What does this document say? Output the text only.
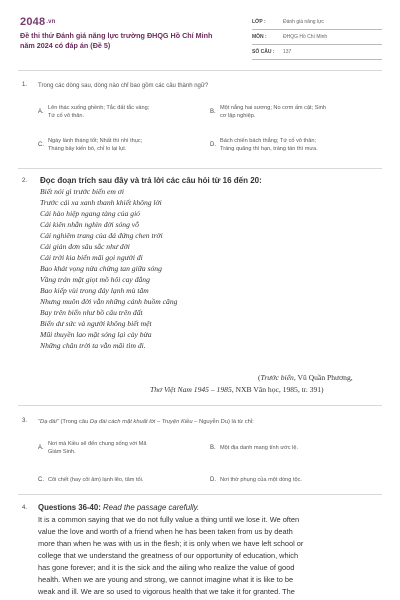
2048.vn
Đề thi thử Đánh giá năng lực trường ĐHQG Hồ Chí Minh
năm 2024 có đáp án (Đề 5)
LỚP :	Đánh giá năng lực
MÔN :	ĐHQG Hồ Chí Minh
SỐ CÂU :	137
1. Trong các dòng sau, dòng nào chỉ bao gồm các câu thành ngữ?
A.
Lên thác xuống ghềnh; Tắc đất tắc vàng;
Tứ cố vô thân.
B.
Một nắng hai sương; No cơm ấm cật; Sinh
cơ lập nghiệp.
C.
Ngày lành tháng tốt; Nhất thì nhì thục;
Tháng bảy kiến bò, chỉ lo lại lụt.
D.
Bách chiến bách thắng; Tứ cố vô thân;
Tráng quãng thì hạn, tráng tán thì mưa.
2. Đọc đoạn trích sau đây và trả lời các câu hỏi từ 16 đến 20:
Biết nói gì trước biển em ơi
Trước cái xa xanh thanh khiết không lời
Cái hào hiệp ngang tàng của gió
Cái kiên nhẫn nghìn đời sóng vỗ
Cái nghiêm trang của đá đứng chen trời
Cái giản đơn sâu sắc như đời
Cái trời kia biển mãi gọi người đi
Bao khát vọng nửa chừng tan giữa sóng
Vầng trán mặt giọt mồ hôi cay đắng
Bao kiếp vùi trong đáy lạnh mù tăm
Nhưng muôn đời vẫn những cánh buồm căng
Bay trên biển như bồ câu trên đất
Biển dư sức và người không biết mệt
Mũi thuyền lao mặt sóng lại cày bừa
Những chân trời ta vẫn mãi tìm đi.
(Trước biển, Vũ Quần Phương,
Thơ Việt Nam 1945 – 1985, NXB Văn học, 1985, tr. 391)
3. "Dạ đài" (Trong câu Dạ đài cách mặt khuất lời – Truyện Kiều – Nguyễn Du) là từ chỉ:
A.
Nơi mà Kiều sẽ đến chung sống với Mã
Giám Sinh.
B. Một địa danh mang tính ước lệ.
C. Cõi chết (hay cõi âm) lạnh lẽo, tăm tối.	D. Nơi thờ phụng của một dòng tộc.
4. Questions 36-40: Read the passage carefully.
It is a common saying that we do not fully value a thing until we lose it. We often
value the love and worth of a friend when he has been taken from us by death
more than when he was with us in the flesh; it is only when we have left school or
college that we understand the greatness of our opportunity of education, which
has gone forever; and it is the sick and the ailing who realize the value of good
health. When we are young and strong, we cannot imagine what it is like to be
weak and ill. We are so used to vigorous health that we take it for granted. The
